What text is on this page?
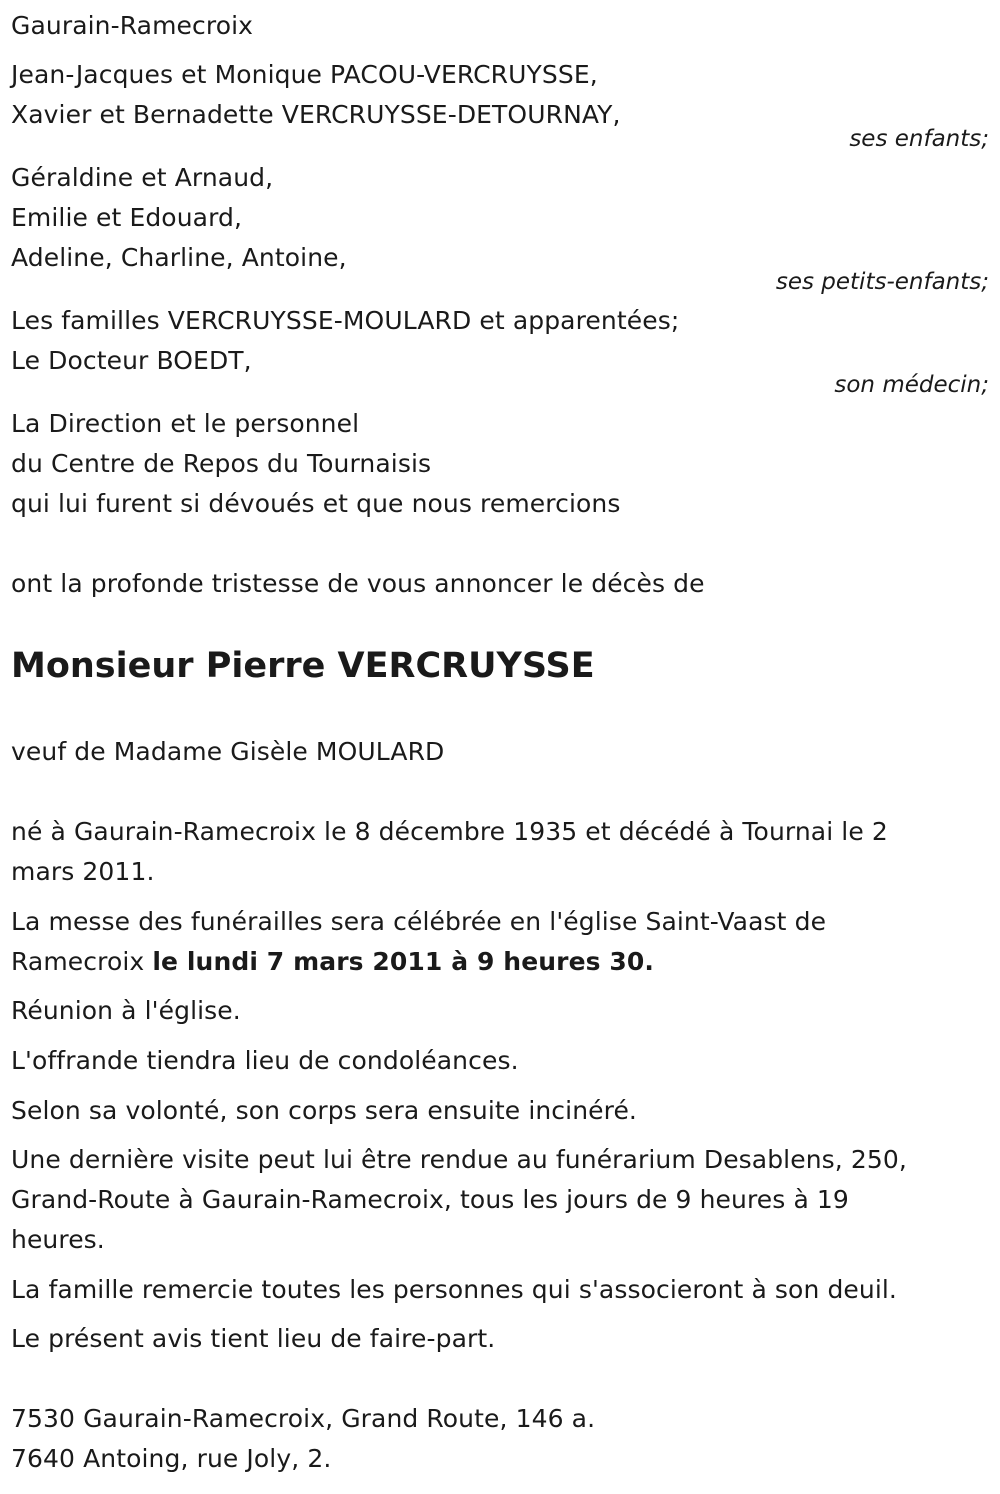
Gaurain-Ramecroix
Jean-Jacques et Monique PACOU-VERCRUYSSE,
Xavier et Bernadette VERCRUYSSE-DETOURNAY,
ses enfants;
Géraldine et Arnaud,
Emilie et Edouard,
Adeline, Charline, Antoine,
ses petits-enfants;
Les familles VERCRUYSSE-MOULARD et apparentées;
Le Docteur BOEDT,
son médecin;
La Direction et le personnel
du Centre de Repos du Tournaisis
qui lui furent si dévoués et que nous remercions
ont la profonde tristesse de vous annoncer le décès de
Monsieur Pierre VERCRUYSSE
veuf de Madame Gisèle MOULARD
né à Gaurain-Ramecroix le 8 décembre 1935 et décédé à Tournai le 2
mars 2011.
La messe des funérailles sera célébrée en l'église Saint-Vaast de
Ramecroix le lundi 7 mars 2011 à 9 heures 30.
Réunion à l'église.
L'offrande tiendra lieu de condoléances.
Selon sa volonté, son corps sera ensuite incinéré.
Une dernière visite peut lui être rendue au funérarium Desablens, 250,
Grand-Route à Gaurain-Ramecroix, tous les jours de 9 heures à 19
heures.
La famille remercie toutes les personnes qui s'associeront à son deuil.
Le présent avis tient lieu de faire-part.
7530 Gaurain-Ramecroix, Grand Route, 146 a.
7640 Antoing, rue Joly, 2.
